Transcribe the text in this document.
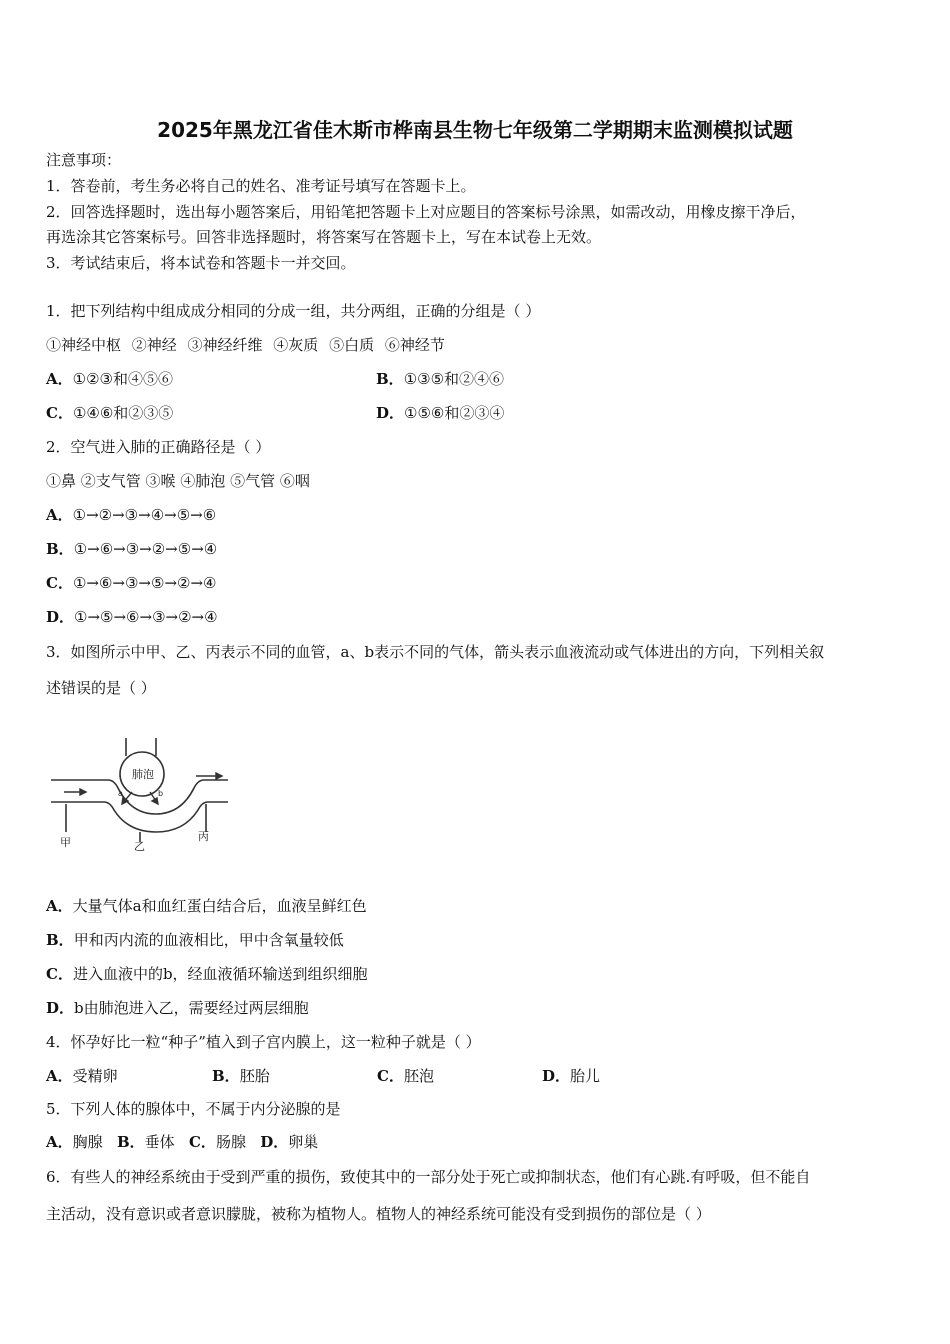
2025年黑龙江省佳木斯市桦南县生物七年级第二学期期末监测模拟试题
注意事项：
1．答卷前，考生务必将自己的姓名、准考证号填写在答题卡上。
2．回答选择题时，选出每小题答案后，用铅笔把答题卡上对应题目的答案标号涂黑，如需改动，用橡皮擦干净后，
再选涂其它答案标号。回答非选择题时，将答案写在答题卡上，写在本试卷上无效。
3．考试结束后，将本试卷和答题卡一并交回。
1．把下列结构中组成成分相同的分成一组，共分两组，正确的分组是（ ）
①神经中枢 ②神经 ③神经纤维 ④灰质 ⑤白质 ⑥神经节
A．①②③和④⑤⑥	B．①③⑤和②④⑥
C．①④⑥和②③⑤	D．①⑤⑥和②③④
2．空气进入肺的正确路径是（ ）
①鼻 ②支气管 ③喉 ④肺泡 ⑤气管 ⑥咽
A．①→②→③→④→⑤→⑥
B．①→⑥→③→②→⑤→④
C．①→⑥→③→⑤→②→④
D．①→⑤→⑥→③→②→④
3．如图所示中甲、乙、丙表示不同的血管，a、b表示不同的气体，箭头表示血液流动或气体进出的方向，下列相关叙
述错误的是（ ）
肺泡
a	b
甲	乙
丙
A．大量气体a和血红蛋白结合后，血液呈鲜红色
B．甲和丙内流的血液相比，甲中含氧量较低
C．进入血液中的b，经血液循环输送到组织细胞
D．b由肺泡进入乙，需要经过两层细胞
4．怀孕好比一粒“种子”植入到子宫内膜上，这一粒种子就是（ ）
A．受精卵	B．胚胎	C．胚泡	D．胎儿
5．下列人体的腺体中，不属于内分泌腺的是
A．胸腺 B．垂体 C．肠腺 D．卵巢
6．有些人的神经系统由于受到严重的损伤，致使其中的一部分处于死亡或抑制状态，他们有心跳.有呼吸，但不能自
主活动，没有意识或者意识朦胧，被称为植物人。植物人的神经系统可能没有受到损伤的部位是（ ）
